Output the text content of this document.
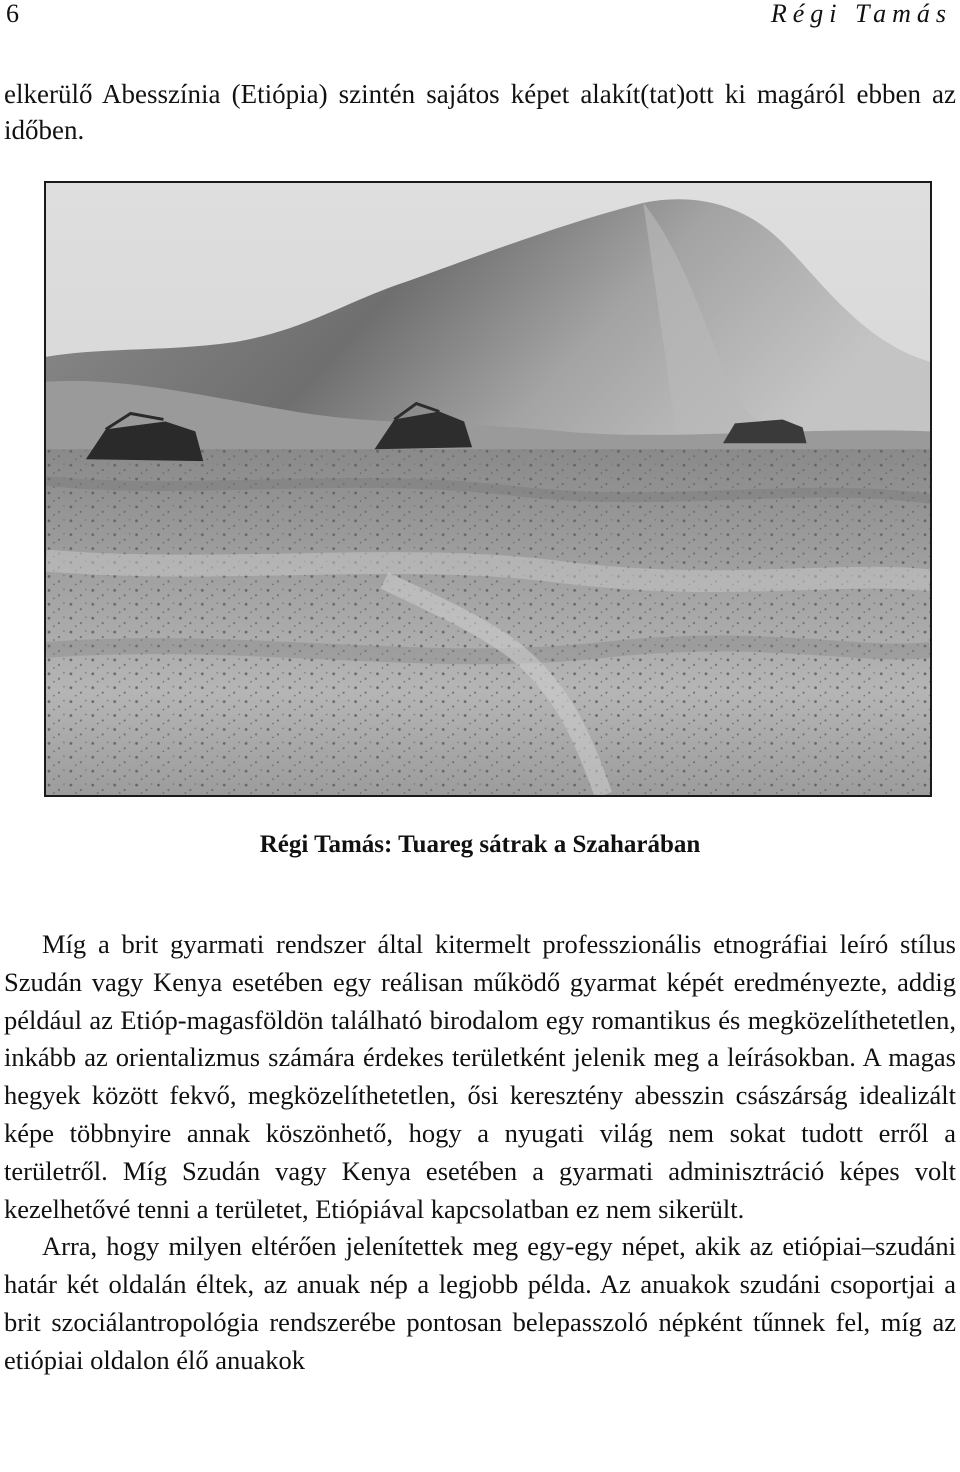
6	Régi Tamás

elkerülő Abesszínia (Etiópia) szintén sajátos képet alakít(tat)ott ki magáról ebben az időben.

Régi Tamás: Tuareg sátrak a Szaharában

Míg a brit gyarmati rendszer által kitermelt professzionális etnográfiai leíró stílus Szudán vagy Kenya esetében egy reálisan működő gyarmat képét eredményezte, addig például az Etióp-magasföldön található birodalom egy romantikus és megközelíthetetlen, inkább az orientalizmus számára érdekes területként jelenik meg a leírásokban. A magas hegyek között fekvő, megközelíthetetlen, ősi keresztény abesszin császárság idealizált képe többnyire annak köszönhető, hogy a nyugati világ nem sokat tudott erről a területről. Míg Szudán vagy Kenya esetében a gyarmati adminisztráció képes volt kezelhetővé tenni a területet, Etiópiával kapcsolatban ez nem sikerült.

Arra, hogy milyen eltérően jelenítettek meg egy-egy népet, akik az etiópiai–szudáni határ két oldalán éltek, az anuak nép a legjobb példa. Az anuakok szudáni csoportjai a brit szociálantropológia rendszerébe pontosan belepasszoló népként tűnnek fel, míg az etiópiai oldalon élő anuakok
